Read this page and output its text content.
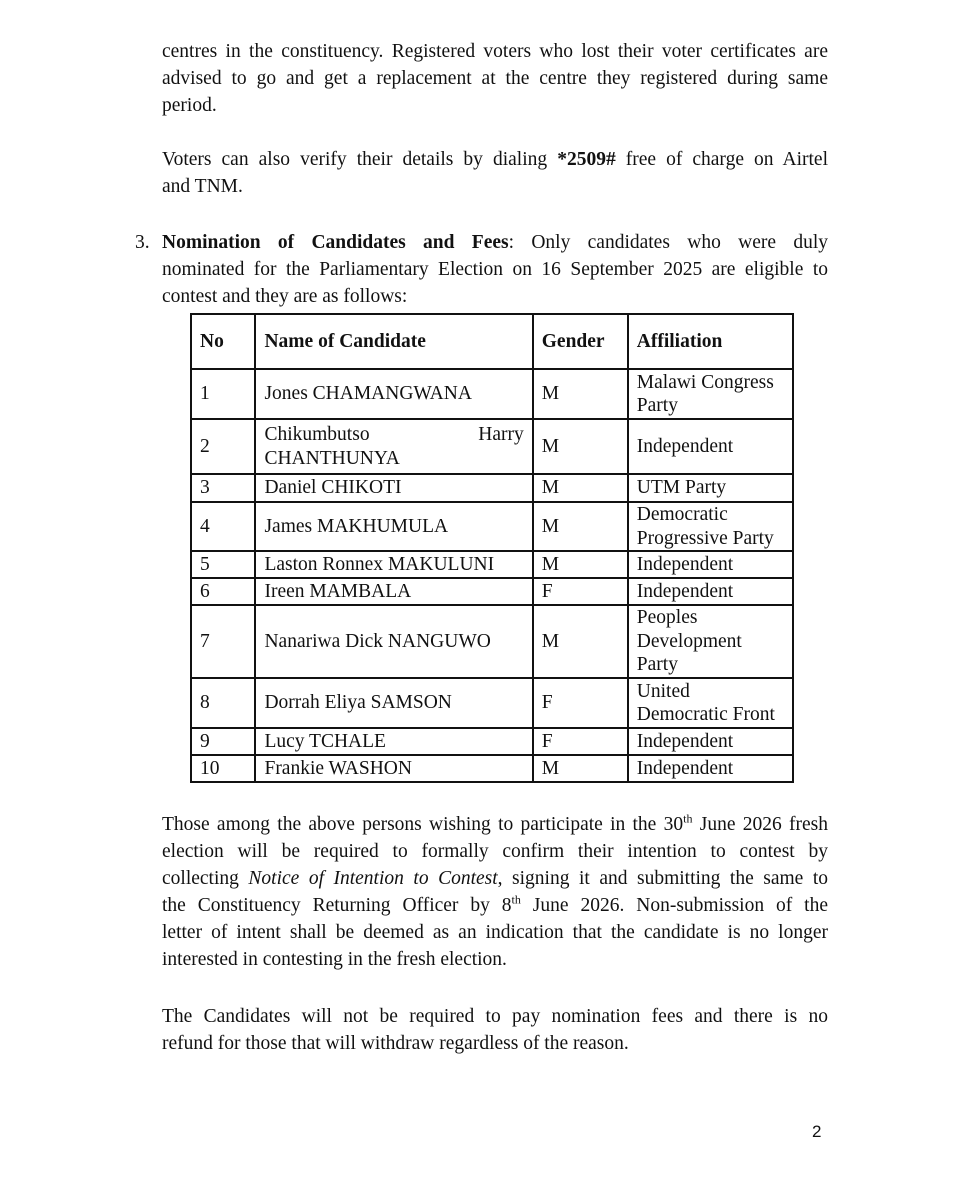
centres in the constituency. Registered voters who lost their voter certificates are
advised to go and get a replacement at the centre they registered during same
period.
Voters can also verify their details by dialing *2509# free of charge on Airtel
and TNM.
3. Nomination of Candidates and Fees: Only candidates who were duly
nominated for the Parliamentary Election on 16 September 2025 are eligible to
contest and they are as follows:
No	Name of Candidate	Gender	Affiliation
1	Jones CHAMANGWANA	M	Malawi Congress
Party

2	Chikumbutso Harry
CHANTHUNYA	M	Independent
3	Daniel CHIKOTI	M	UTM Party
4	James MAKHUMULA	M	Democratic
Progressive Party

5	Laston Ronnex MAKULUNI	M	Independent
6	Ireen MAMBALA	F	Independent
7	Nanariwa Dick NANGUWO	M	Peoples
Development
Party

8	Dorrah Eliya SAMSON	F	United
Democratic Front

9	Lucy TCHALE	F	Independent
10	Frankie WASHON	M	Independent
Those among the above persons wishing to participate in the 30th June 2026 fresh
election will be required to formally confirm their intention to contest by
collecting Notice of Intention to Contest, signing it and submitting the same to
the Constituency Returning Officer by 8th June 2026. Non-submission of the
letter of intent shall be deemed as an indication that the candidate is no longer
interested in contesting in the fresh election.
The Candidates will not be required to pay nomination fees and there is no
refund for those that will withdraw regardless of the reason.
2
